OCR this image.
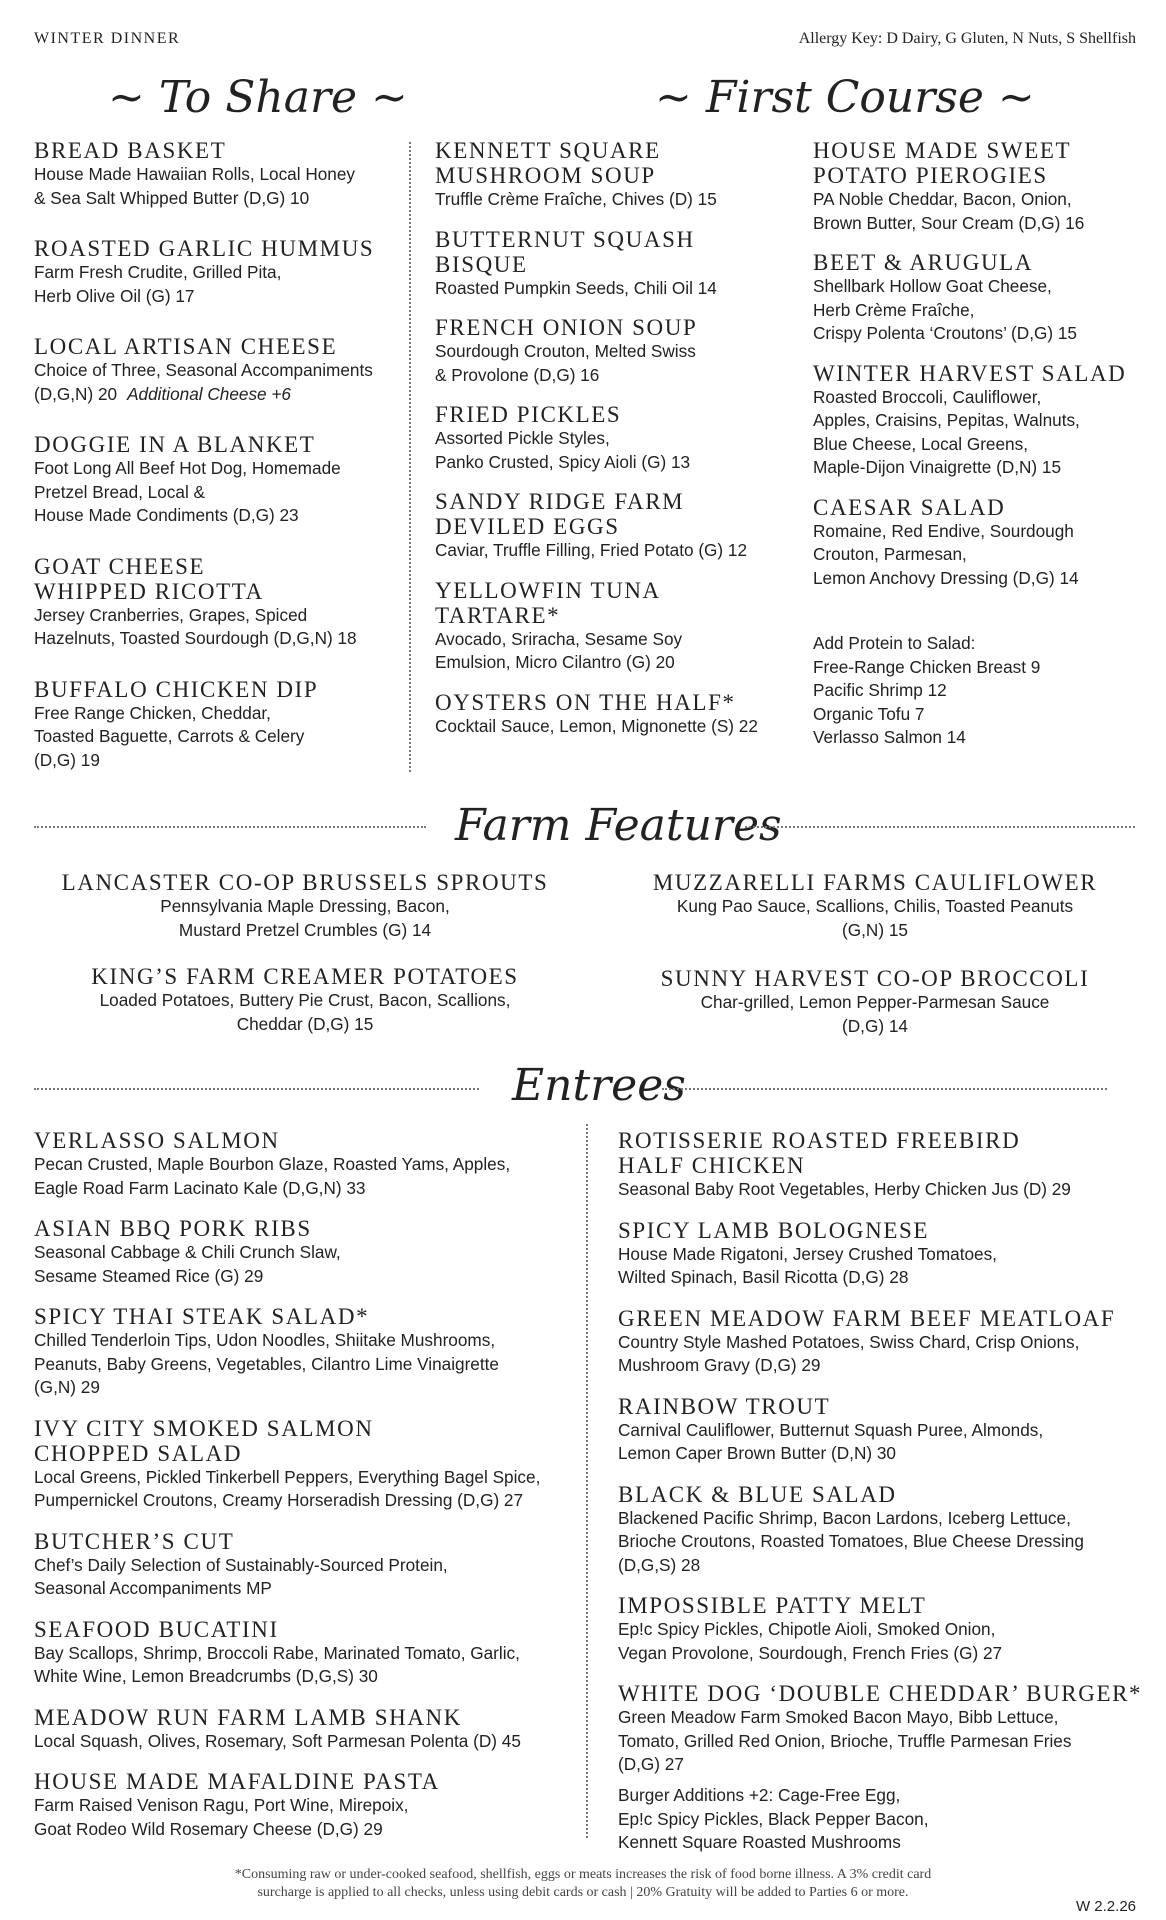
WINTER DINNER	Allergy Key: D Dairy, G Gluten, N Nuts, S Shellfish
~ To Share ~	~ First Course ~
BREAD BASKET
House Made Hawaiian Rolls, Local Honey
& Sea Salt Whipped Butter (D,G) 10
ROASTED GARLIC HUMMUS
Farm Fresh Crudite, Grilled Pita,
Herb Olive Oil (G) 17
LOCAL ARTISAN CHEESE
Choice of Three, Seasonal Accompaniments
(D,G,N) 20 Additional Cheese +6
DOGGIE IN A BLANKET
Foot Long All Beef Hot Dog, Homemade
Pretzel Bread, Local &
House Made Condiments (D,G) 23
GOAT CHEESE
WHIPPED RICOTTA
Jersey Cranberries, Grapes, Spiced
Hazelnuts, Toasted Sourdough (D,G,N) 18
BUFFALO CHICKEN DIP
Free Range Chicken, Cheddar,
Toasted Baguette, Carrots & Celery
(D,G) 19
KENNETT SQUARE
MUSHROOM SOUP
Truffle Crème Fraîche, Chives (D) 15
BUTTERNUT SQUASH
BISQUE
Roasted Pumpkin Seeds, Chili Oil 14
FRENCH ONION SOUP
Sourdough Crouton, Melted Swiss
& Provolone (D,G) 16
FRIED PICKLES
Assorted Pickle Styles,
Panko Crusted, Spicy Aioli (G) 13
SANDY RIDGE FARM
DEVILED EGGS
Caviar, Truffle Filling, Fried Potato (G) 12
YELLOWFIN TUNA
TARTARE*
Avocado, Sriracha, Sesame Soy
Emulsion, Micro Cilantro (G) 20
OYSTERS ON THE HALF*
Cocktail Sauce, Lemon, Mignonette (S) 22
HOUSE MADE SWEET
POTATO PIEROGIES
PA Noble Cheddar, Bacon, Onion,
Brown Butter, Sour Cream (D,G) 16
BEET & ARUGULA
Shellbark Hollow Goat Cheese,
Herb Crème Fraîche,
Crispy Polenta ‘Croutons’ (D,G) 15
WINTER HARVEST SALAD
Roasted Broccoli, Cauliflower,
Apples, Craisins, Pepitas, Walnuts,
Blue Cheese, Local Greens,
Maple-Dijon Vinaigrette (D,N) 15
CAESAR SALAD
Romaine, Red Endive, Sourdough
Crouton, Parmesan,
Lemon Anchovy Dressing (D,G) 14
Add Protein to Salad:
Free-Range Chicken Breast 9
Pacific Shrimp 12
Organic Tofu 7
Verlasso Salmon 14
Farm Features
LANCASTER CO-OP BRUSSELS SPROUTS
Pennsylvania Maple Dressing, Bacon,
Mustard Pretzel Crumbles (G) 14
MUZZARELLI FARMS CAULIFLOWER
Kung Pao Sauce, Scallions, Chilis, Toasted Peanuts
(G,N) 15
KING’S FARM CREAMER POTATOES
Loaded Potatoes, Buttery Pie Crust, Bacon, Scallions,
Cheddar (D,G) 15
SUNNY HARVEST CO-OP BROCCOLI
Char-grilled, Lemon Pepper-Parmesan Sauce
(D,G) 14
Entrees
VERLASSO SALMON
Pecan Crusted, Maple Bourbon Glaze, Roasted Yams, Apples,
Eagle Road Farm Lacinato Kale (D,G,N) 33
ASIAN BBQ PORK RIBS
Seasonal Cabbage & Chili Crunch Slaw,
Sesame Steamed Rice (G) 29
SPICY THAI STEAK SALAD*
Chilled Tenderloin Tips, Udon Noodles, Shiitake Mushrooms,
Peanuts, Baby Greens, Vegetables, Cilantro Lime Vinaigrette
(G,N) 29
IVY CITY SMOKED SALMON
CHOPPED SALAD
Local Greens, Pickled Tinkerbell Peppers, Everything Bagel Spice,
Pumpernickel Croutons, Creamy Horseradish Dressing (D,G) 27
BUTCHER’S CUT
Chef’s Daily Selection of Sustainably-Sourced Protein,
Seasonal Accompaniments MP
SEAFOOD BUCATINI
Bay Scallops, Shrimp, Broccoli Rabe, Marinated Tomato, Garlic,
White Wine, Lemon Breadcrumbs (D,G,S) 30
MEADOW RUN FARM LAMB SHANK
Local Squash, Olives, Rosemary, Soft Parmesan Polenta (D) 45
HOUSE MADE MAFALDINE PASTA
Farm Raised Venison Ragu, Port Wine, Mirepoix,
Goat Rodeo Wild Rosemary Cheese (D,G) 29
ROTISSERIE ROASTED FREEBIRD
HALF CHICKEN
Seasonal Baby Root Vegetables, Herby Chicken Jus (D) 29
SPICY LAMB BOLOGNESE
House Made Rigatoni, Jersey Crushed Tomatoes,
Wilted Spinach, Basil Ricotta (D,G) 28
GREEN MEADOW FARM BEEF MEATLOAF
Country Style Mashed Potatoes, Swiss Chard, Crisp Onions,
Mushroom Gravy (D,G) 29
RAINBOW TROUT
Carnival Cauliflower, Butternut Squash Puree, Almonds,
Lemon Caper Brown Butter (D,N) 30
BLACK & BLUE SALAD
Blackened Pacific Shrimp, Bacon Lardons, Iceberg Lettuce,
Brioche Croutons, Roasted Tomatoes, Blue Cheese Dressing
(D,G,S) 28
IMPOSSIBLE PATTY MELT
Ep!c Spicy Pickles, Chipotle Aioli, Smoked Onion,
Vegan Provolone, Sourdough, French Fries (G) 27
WHITE DOG ‘DOUBLE CHEDDAR’ BURGER*
Green Meadow Farm Smoked Bacon Mayo, Bibb Lettuce,
Tomato, Grilled Red Onion, Brioche, Truffle Parmesan Fries
(D,G) 27
Burger Additions +2: Cage-Free Egg,
Ep!c Spicy Pickles, Black Pepper Bacon,
Kennett Square Roasted Mushrooms
*Consuming raw or under-cooked seafood, shellfish, eggs or meats increases the risk of food borne illness. A 3% credit card
surcharge is applied to all checks, unless using debit cards or cash | 20% Gratuity will be added to Parties 6 or more.
W 2.2.26
